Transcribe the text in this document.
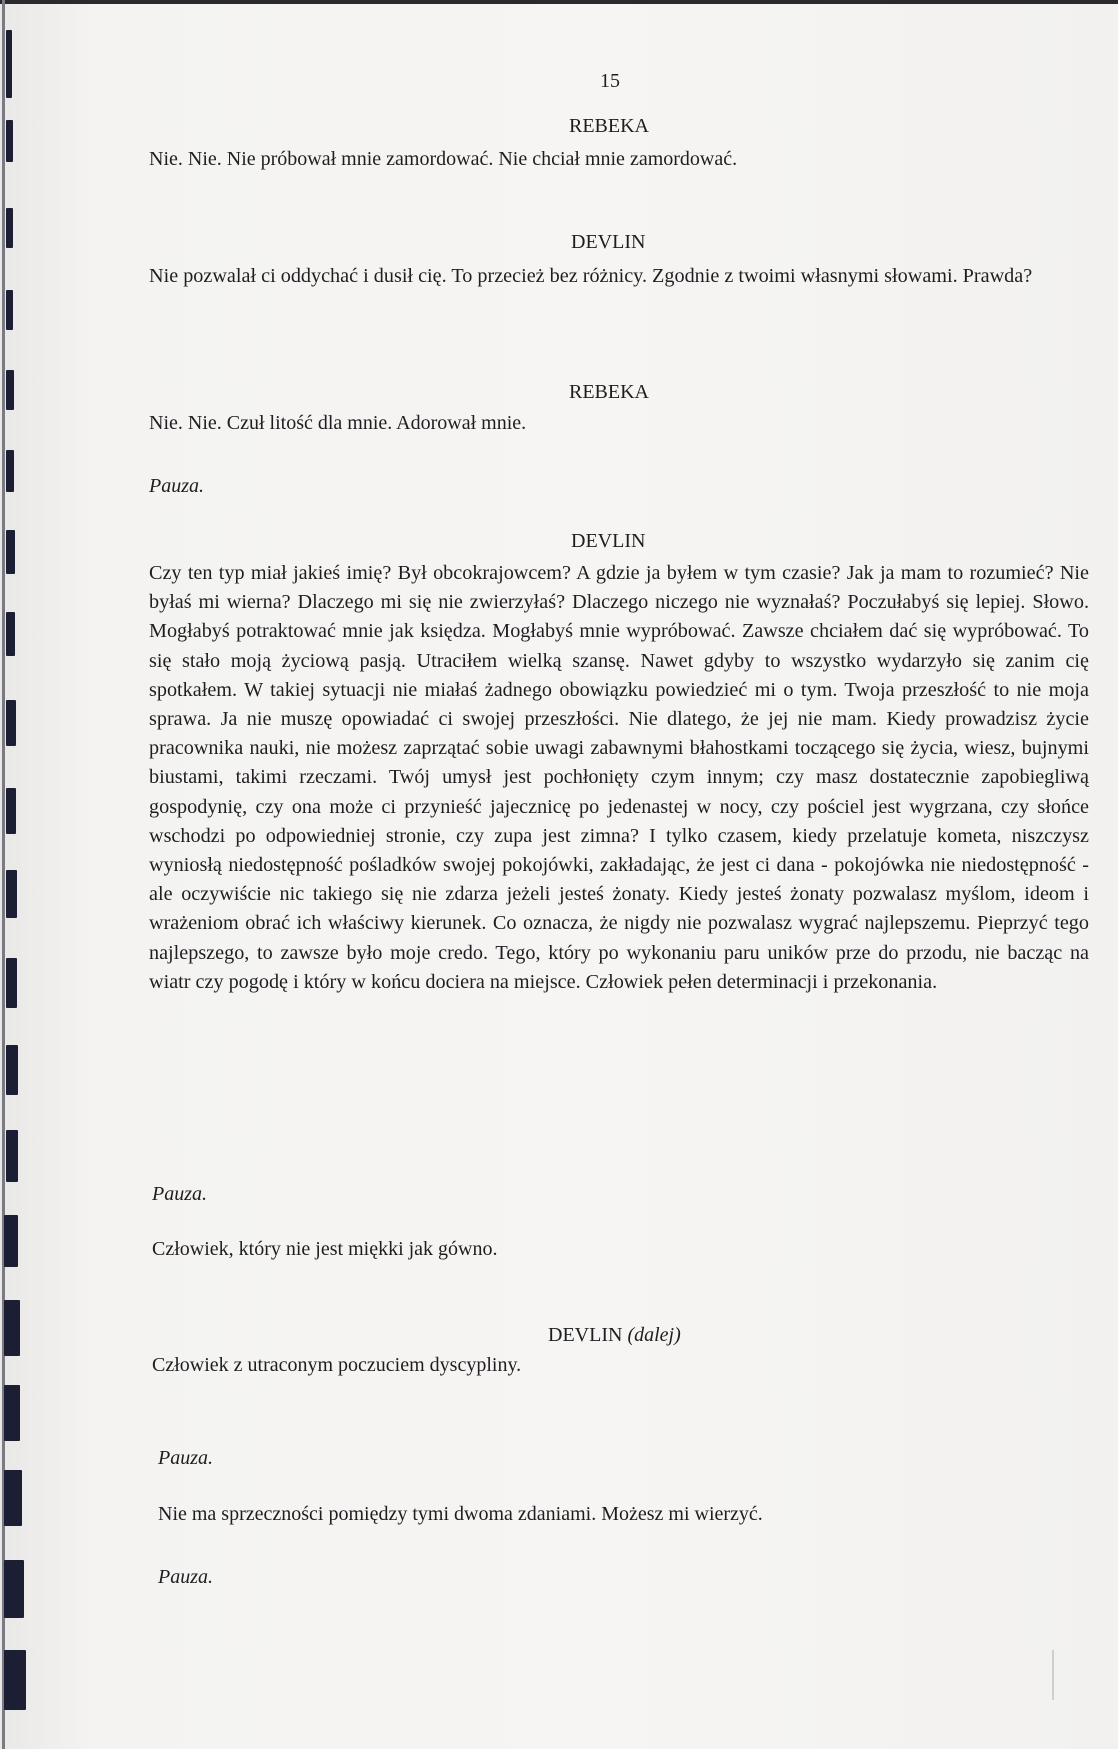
15
REBEKA
Nie. Nie. Nie próbował mnie zamordować. Nie chciał mnie zamordować.
DEVLIN
Nie pozwalał ci oddychać i dusił cię. To przecież bez różnicy. Zgodnie z twoimi własnymi słowami. Prawda?
REBEKA
Nie. Nie. Czuł litość dla mnie. Adorował mnie.
Pauza.
DEVLIN
Czy ten typ miał jakieś imię? Był obcokrajowcem? A gdzie ja byłem w tym czasie? Jak ja mam to rozumieć? Nie byłaś mi wierna? Dlaczego mi się nie zwierzyłaś? Dlaczego niczego nie wyznałaś? Poczułabyś się lepiej. Słowo. Mogłabyś potraktować mnie jak księdza. Mogłabyś mnie wypróbować. Zawsze chciałem dać się wypróbować. To się stało moją życiową pasją. Utraciłem wielką szansę. Nawet gdyby to wszystko wydarzyło się zanim cię spotkałem. W takiej sytuacji nie miałaś żadnego obowiązku powiedzieć mi o tym. Twoja przeszłość to nie moja sprawa. Ja nie muszę opowiadać ci swojej przeszłości. Nie dlatego, że jej nie mam. Kiedy prowadzisz życie pracownika nauki, nie możesz zaprzątać sobie uwagi zabawnymi błahostkami toczącego się życia, wiesz, bujnymi biustami, takimi rzeczami. Twój umysł jest pochłonięty czym innym; czy masz dostatecznie zapobiegliwą gospodynię, czy ona może ci przynieść jajecznicę po jedenastej w nocy, czy pościel jest wygrzana, czy słońce wschodzi po odpowiedniej stronie, czy zupa jest zimna? I tylko czasem, kiedy przelatuje kometa, niszczysz wyniosłą niedostępność pośladków swojej pokojówki, zakładając, że jest ci dana - pokojówka nie niedostępność - ale oczywiście nic takiego się nie zdarza jeżeli jesteś żonaty. Kiedy jesteś żonaty pozwalasz myślom, ideom i wrażeniom obrać ich właściwy kierunek. Co oznacza, że nigdy nie pozwalasz wygrać najlepszemu. Pieprzyć tego najlepszego, to zawsze było moje credo. Tego, który po wykonaniu paru uników prze do przodu, nie bacząc na wiatr czy pogodę i który w końcu dociera na miejsce. Człowiek pełen determinacji i przekonania.
Pauza.
Człowiek, który nie jest miękki jak gówno.
DEVLIN (dalej)
Człowiek z utraconym poczuciem dyscypliny.
Pauza.
Nie ma sprzeczności pomiędzy tymi dwoma zdaniami. Możesz mi wierzyć.
Pauza.
